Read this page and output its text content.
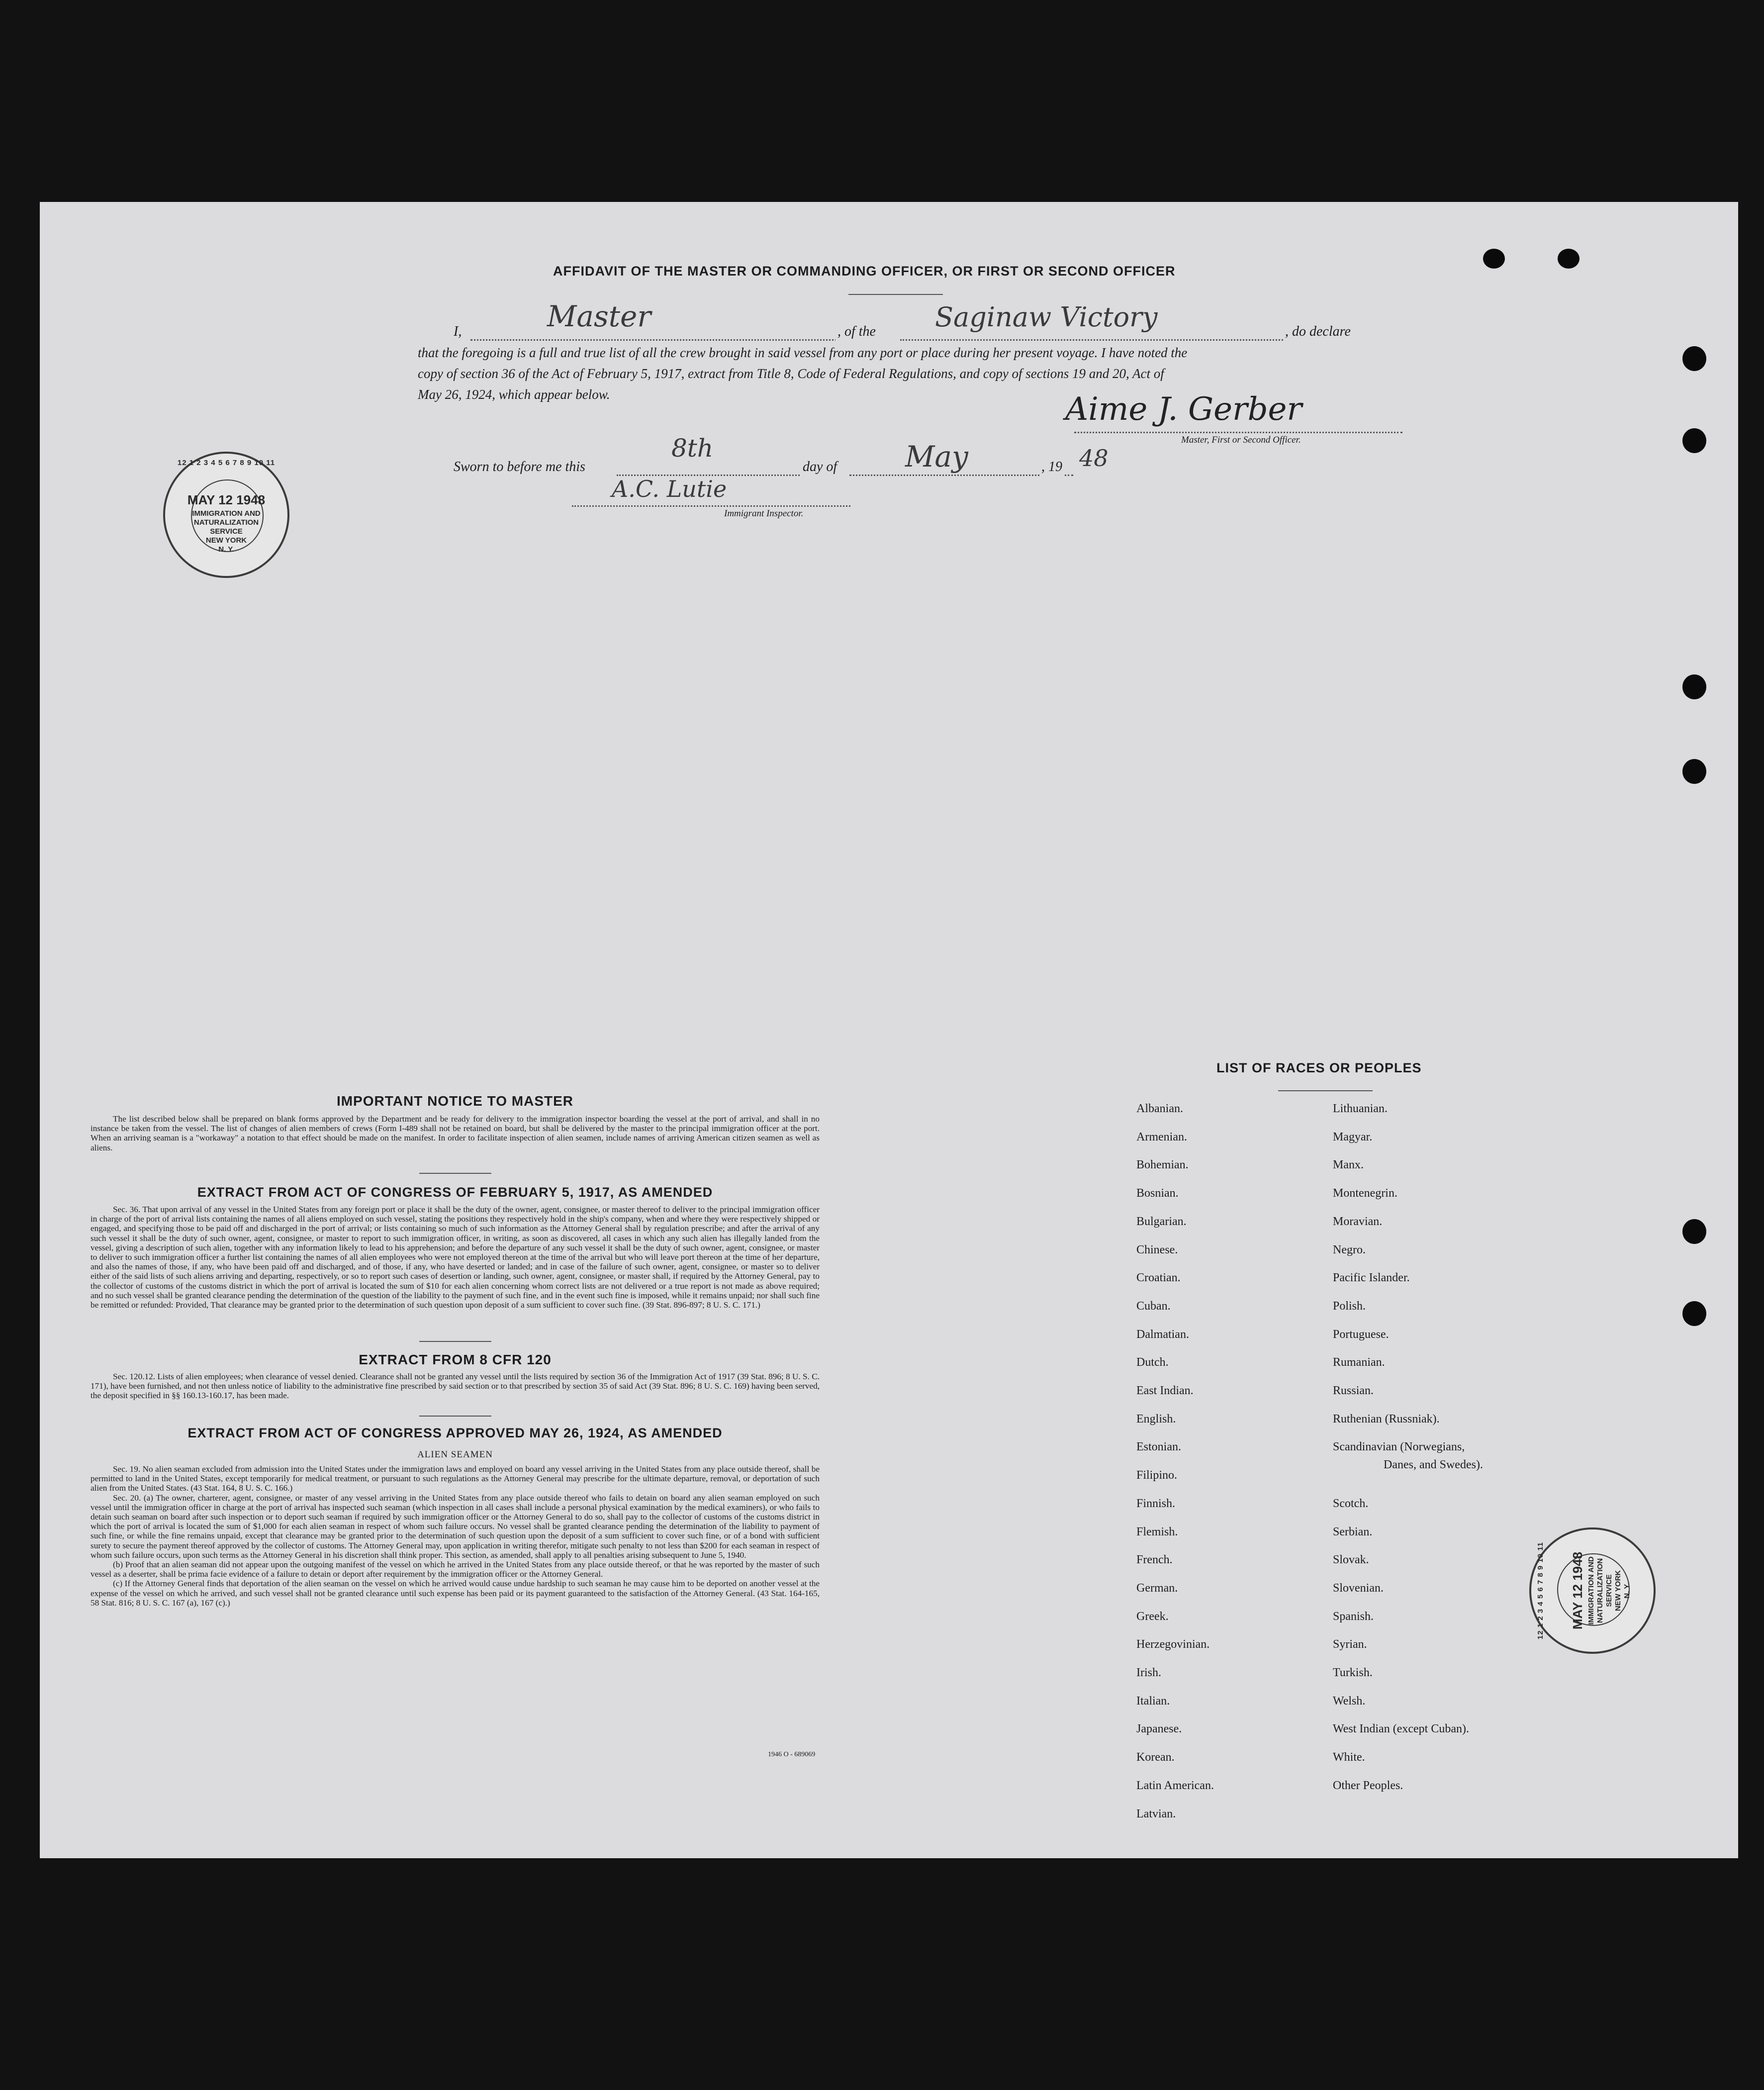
AFFIDAVIT OF THE MASTER OR COMMANDING OFFICER, OR FIRST OR SECOND OFFICER
I,	Master	, of the Saginaw Victory	, do declare
that the foregoing is a full and true list of all the crew brought in said vessel from any port or place during her present voyage. I have noted the
copy of section 36 of the Act of February 5, 1917, extract from Title 8, Code of Federal Regulations, and copy of sections 19 and 20, Act of
May 26, 1924, which appear below.	Aime J. Gerber
Master, First or Second Officer.
Sworn to before me this
8th
day of May	, 19 48
A.C. Lutie
Immigrant Inspector.
12 1 2 3 4 5 6 7 8 9 10 11
MAY 12 1948
IMMIGRATION AND
NATURALIZATION
SERVICE
NEW YORK
N. Y.
12 1 2 3 4 5 6 7 8 9 10 11 MAY 12 1948 IMMIGRATION AND NATURALIZATION SERVICE NEW YORK N. Y.
IMPORTANT NOTICE TO MASTER

The list described below shall be prepared on blank forms approved by the Department and be ready for delivery to the immigration inspector boarding the vessel at the port of arrival, and shall in no instance be taken from the vessel. The list of changes of alien members of crews (Form I-489 shall not be retained on board, but shall be delivered by the master to the principal immigration officer at the port. When an arriving seaman is a "workaway" a notation to that effect should be made on the manifest. In order to facilitate inspection of alien seamen, include names of arriving American citizen seamen as well as aliens.

EXTRACT FROM ACT OF CONGRESS OF FEBRUARY 5, 1917, AS AMENDED

Sec. 36. That upon arrival of any vessel in the United States from any foreign port or place it shall be the duty of the owner, agent, consignee, or master thereof to deliver to the principal immigration officer in charge of the port of arrival lists containing the names of all aliens employed on such vessel, stating the positions they respectively hold in the ship's company, when and where they were respectively shipped or engaged, and specifying those to be paid off and discharged in the port of arrival; or lists containing so much of such information as the Attorney General shall by regulation prescribe; and after the arrival of any such vessel it shall be the duty of such owner, agent, consignee, or master to report to such immigration officer, in writing, as soon as discovered, all cases in which any such alien has illegally landed from the vessel, giving a description of such alien, together with any information likely to lead to his apprehension; and before the departure of any such vessel it shall be the duty of such owner, agent, consignee, or master to deliver to such immigration officer a further list containing the names of all alien employees who were not employed thereon at the time of the arrival but who will leave port thereon at the time of her departure, and also the names of those, if any, who have been paid off and discharged, and of those, if any, who have deserted or landed; and in case of the failure of such owner, agent, consignee, or master so to deliver either of the said lists of such aliens arriving and departing, respectively, or so to report such cases of desertion or landing, such owner, agent, consignee, or master shall, if required by the Attorney General, pay to the collector of customs of the customs district in which the port of arrival is located the sum of $10 for each alien concerning whom correct lists are not delivered or a true report is not made as above required; and no such vessel shall be granted clearance pending the determination of the question of the liability to the payment of such fine, and in the event such fine is imposed, while it remains unpaid; nor shall such fine be remitted or refunded: Provided, That clearance may be granted prior to the determination of such question upon deposit of a sum sufficient to cover such fine. (39 Stat. 896-897; 8 U. S. C. 171.)

EXTRACT FROM 8 CFR 120

Sec. 120.12. Lists of alien employees; when clearance of vessel denied. Clearance shall not be granted any vessel until the lists required by section 36 of the Immigration Act of 1917 (39 Stat. 896; 8 U. S. C. 171), have been furnished, and not then unless notice of liability to the administrative fine prescribed by said section or to that prescribed by section 35 of said Act (39 Stat. 896; 8 U. S. C. 169) having been served, the deposit specified in §§ 160.13-160.17, has been made.

EXTRACT FROM ACT OF CONGRESS APPROVED MAY 26, 1924, AS AMENDED
ALIEN SEAMEN

Sec. 19. No alien seaman excluded from admission into the United States under the immigration laws and employed on board any vessel arriving in the United States from any place outside thereof, shall be permitted to land in the United States, except temporarily for medical treatment, or pursuant to such regulations as the Attorney General may prescribe for the ultimate departure, removal, or deportation of such alien from the United States. (43 Stat. 164, 8 U. S. C. 166.)

Sec. 20. (a) The owner, charterer, agent, consignee, or master of any vessel arriving in the United States from any place outside thereof who fails to detain on board any alien seaman employed on such vessel until the immigration officer in charge at the port of arrival has inspected such seaman (which inspection in all cases shall include a personal physical examination by the medical examiners), or who fails to detain such seaman on board after such inspection or to deport such seaman if required by such immigration officer or the Attorney General to do so, shall pay to the collector of customs of the customs district in which the port of arrival is located the sum of $1,000 for each alien seaman in respect of whom such failure occurs. No vessel shall be granted clearance pending the determination of the liability to payment of such fine, or while the fine remains unpaid, except that clearance may be granted prior to the determination of such question upon the deposit of a sum sufficient to cover such fine, or of a bond with sufficient surety to secure the payment thereof approved by the collector of customs. The Attorney General may, upon application in writing therefor, mitigate such penalty to not less than $200 for each seaman in respect of whom such failure occurs, upon such terms as the Attorney General in his discretion shall think proper. This section, as amended, shall apply to all penalties arising subsequent to June 5, 1940.

(b) Proof that an alien seaman did not appear upon the outgoing manifest of the vessel on which he arrived in the United States from any place outside thereof, or that he was reported by the master of such vessel as a deserter, shall be prima facie evidence of a failure to detain or deport after requirement by the immigration officer or the Attorney General.

(c) If the Attorney General finds that deportation of the alien seaman on the vessel on which he arrived would cause undue hardship to such seaman he may cause him to be deported on another vessel at the expense of the vessel on which he arrived, and such vessel shall not be granted clearance until such expense has been paid or its payment guaranteed to the satisfaction of the Attorney General. (43 Stat. 164-165, 58 Stat. 816; 8 U. S. C. 167 (a), 167 (c).)

1946 O - 689069
LIST OF RACES OR PEOPLES
Albanian.
Armenian.
Bohemian.
Bosnian.
Bulgarian.
Chinese.
Croatian.
Cuban.
Dalmatian.
Dutch.
East Indian.
English.
Estonian.
Filipino.
Finnish.
Flemish.
French.
German.
Greek.
Herzegovinian.
Irish.
Italian.
Japanese.
Korean.
Latin American.
Latvian.
Lithuanian.
Magyar.
Manx.
Montenegrin.
Moravian.
Negro.
Pacific Islander.
Polish.
Portuguese.
Rumanian.
Russian.
Ruthenian (Russniak).
Scandinavian (Norwegians,
Scotch.
Serbian.
Slovak.
Slovenian.
Spanish.
Syrian.
Turkish.
Welsh.
West Indian (except Cuban).
White.
Other Peoples.
Danes, and Swedes).
